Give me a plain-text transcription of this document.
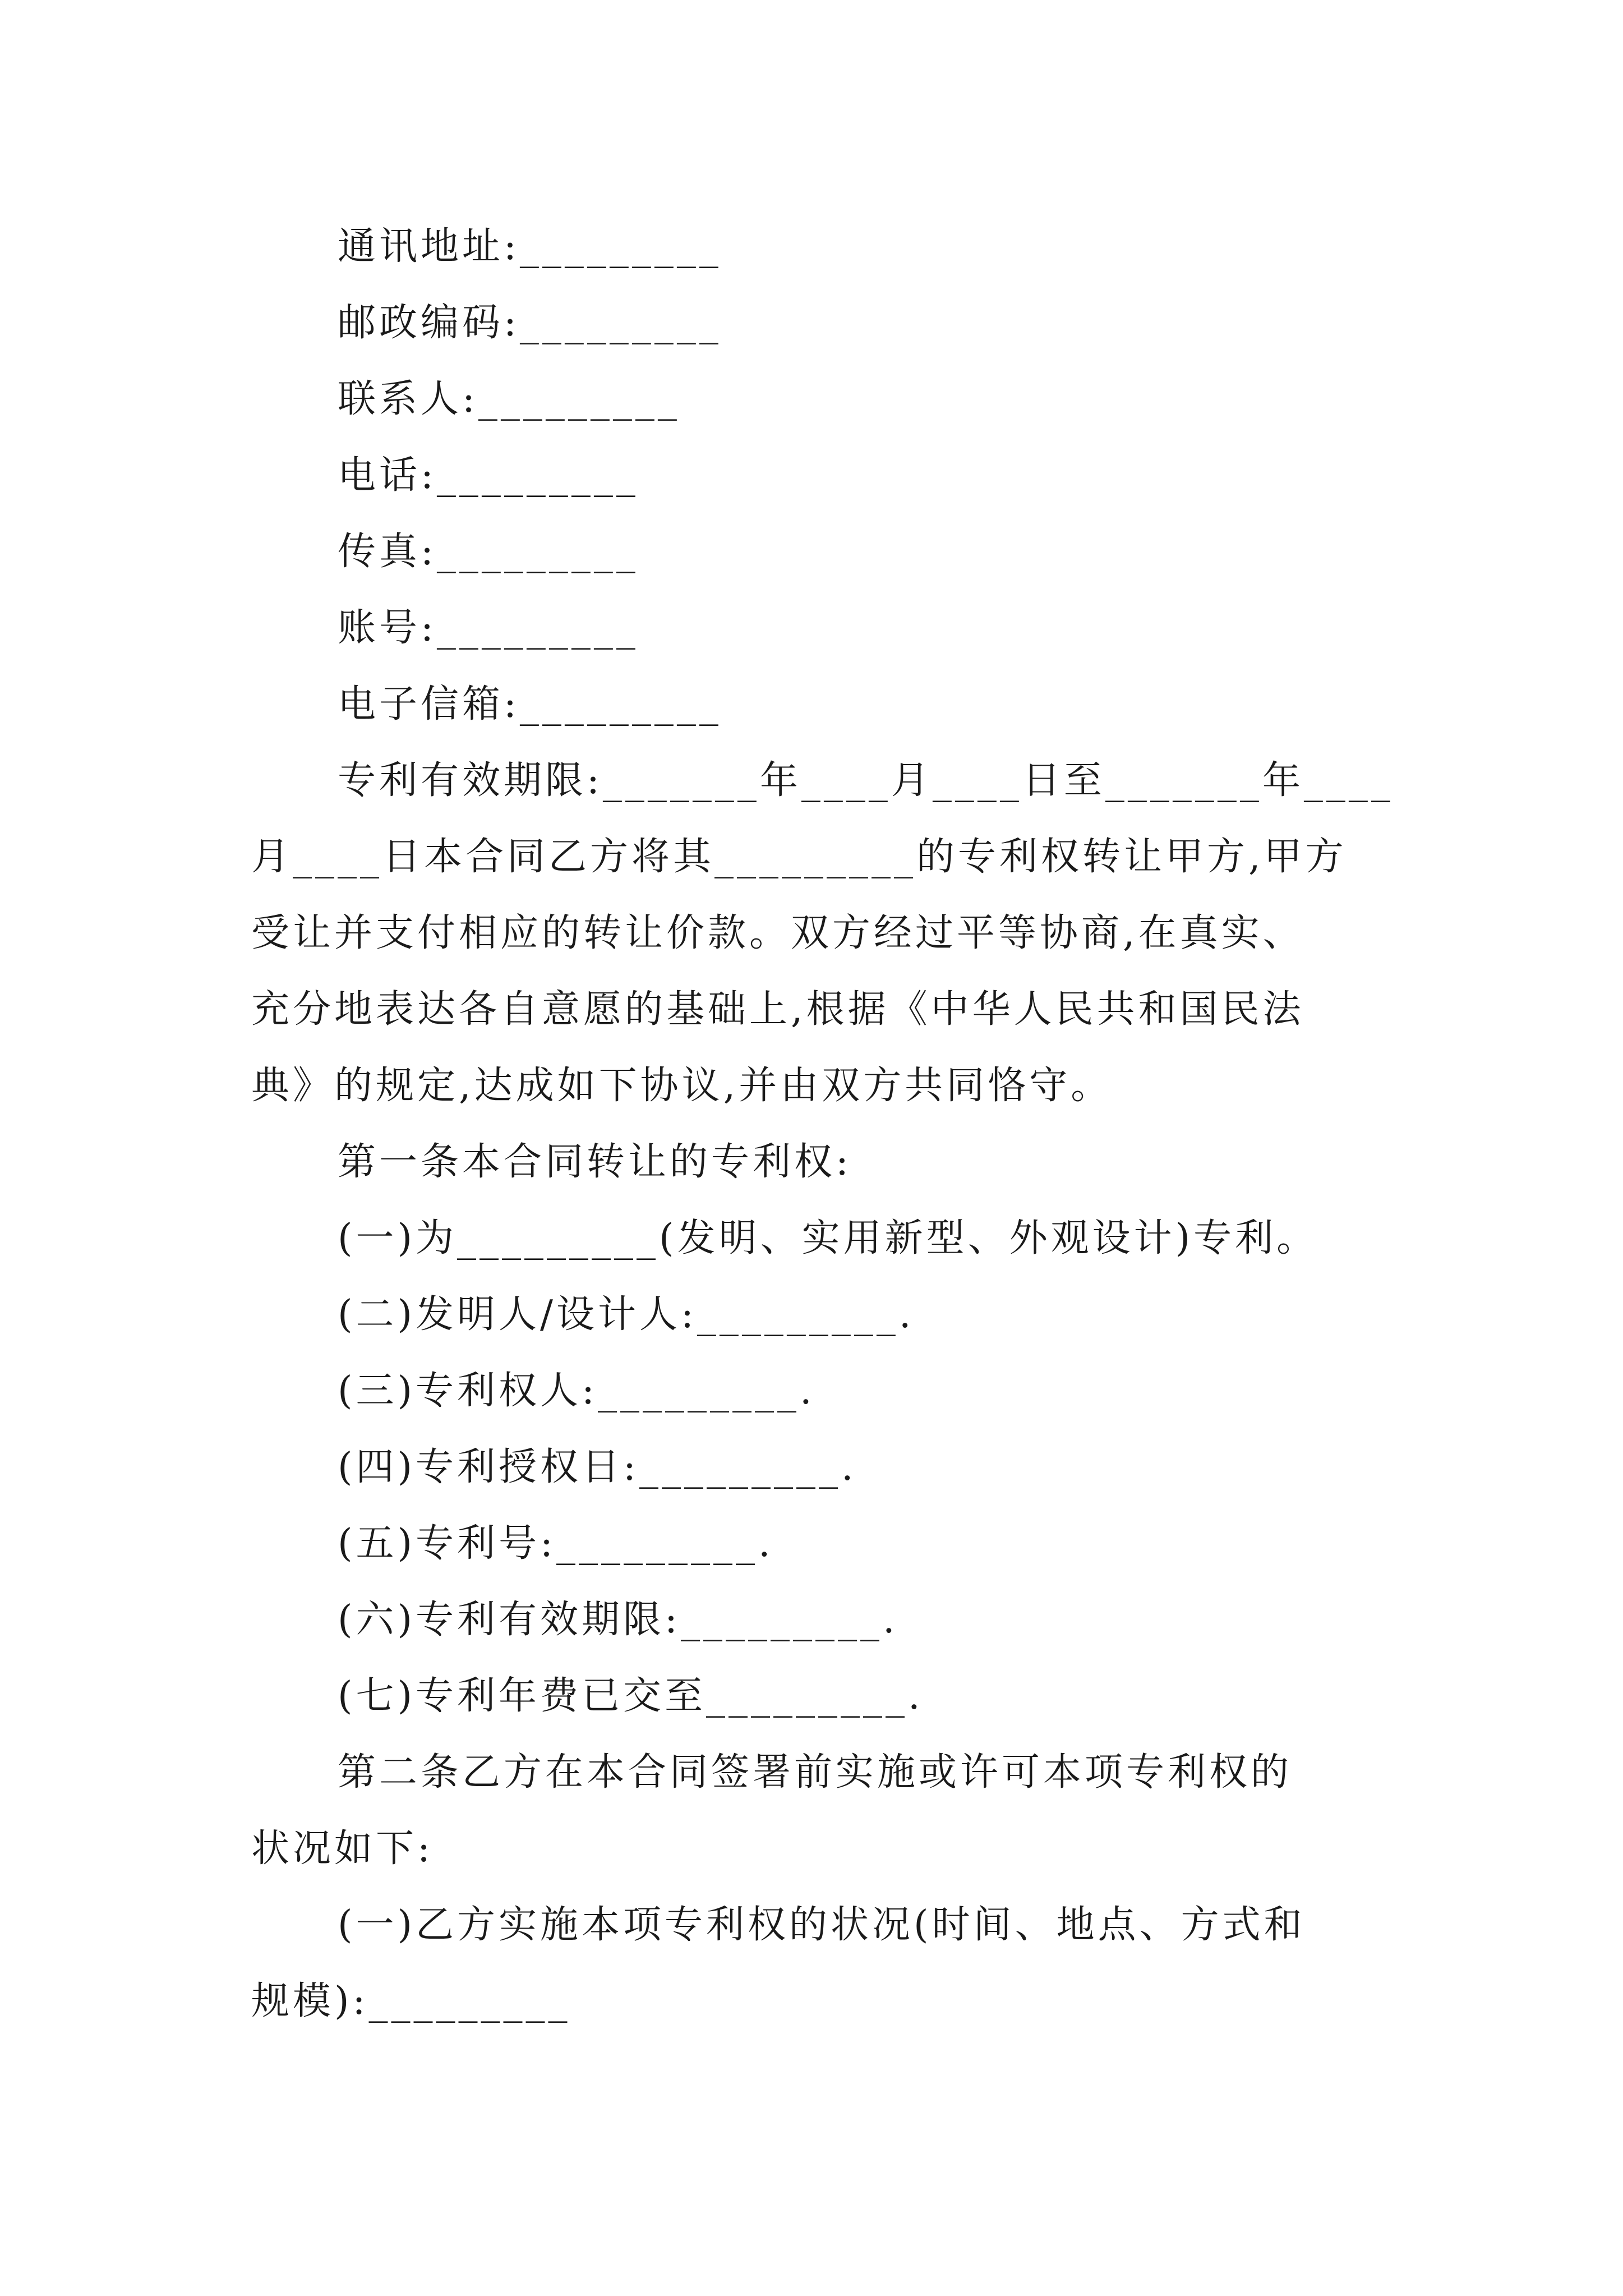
通讯地址:_________
邮政编码:_________
联系人:_________
电话:_________
传真:_________
账号:_________
电子信箱:_________
专利有效期限:_______年____月____日至_______年____
月____日本合同乙方将其_________的专利权转让甲方,甲方
受让并支付相应的转让价款。双方经过平等协商,在真实、
充分地表达各自意愿的基础上,根据《中华人民共和国民法
典》的规定,达成如下协议,并由双方共同恪守。
第一条本合同转让的专利权:
(一)为_________(发明、实用新型、外观设计)专利。
(二)发明人/设计人:_________.
(三)专利权人:_________.
(四)专利授权日:_________.
(五)专利号:_________.
(六)专利有效期限:_________.
(七)专利年费已交至_________.
第二条乙方在本合同签署前实施或许可本项专利权的
状况如下:
(一)乙方实施本项专利权的状况(时间、地点、方式和
规模):_________
